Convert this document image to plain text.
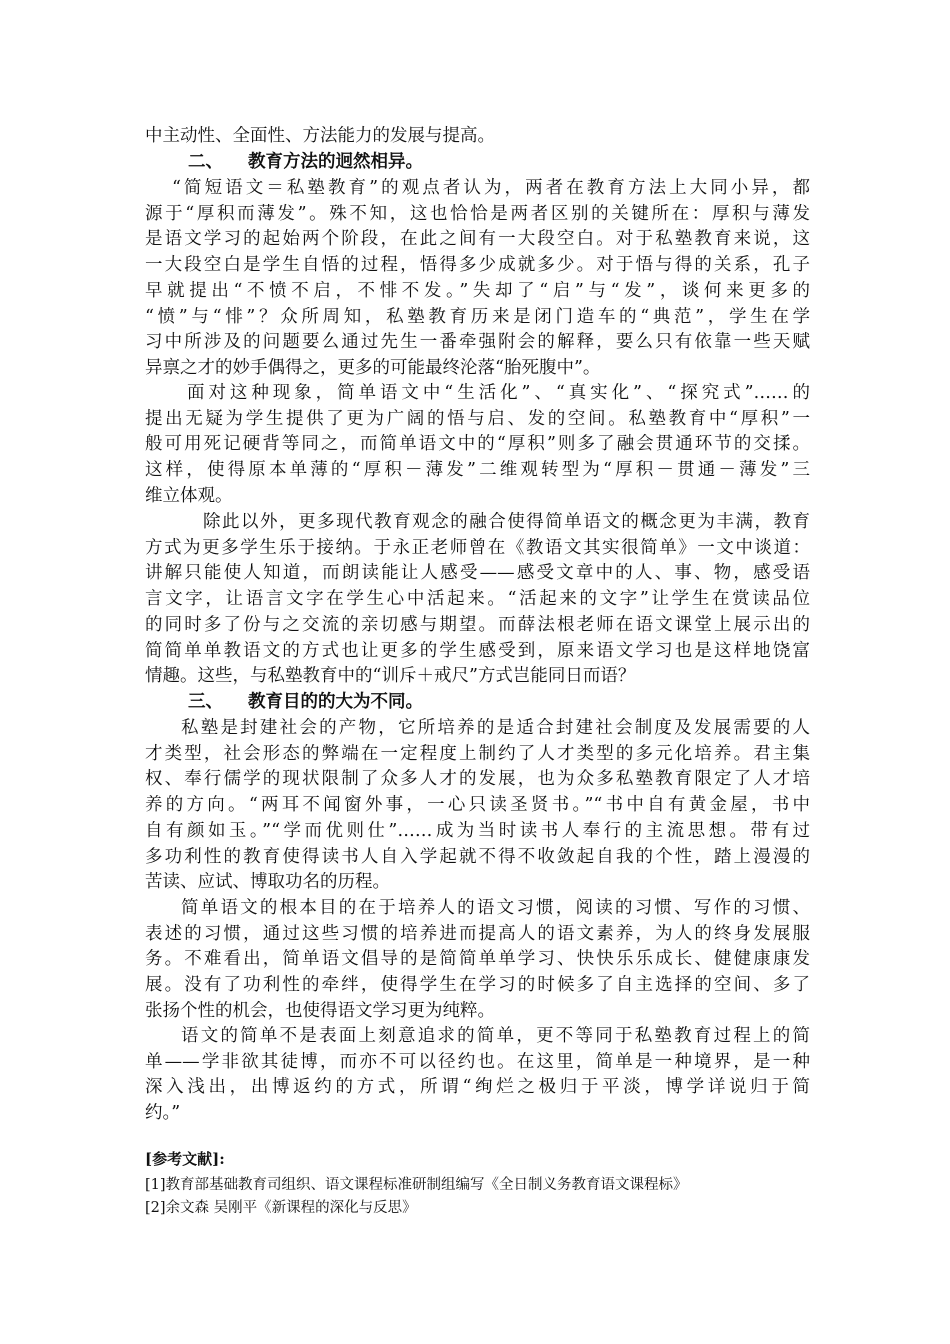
中主动性、全面性、方法能力的发展与提高。

二、 教育方法的迥然相异。

“简短语文＝私塾教育”的观点者认为，两者在教育方法上大同小异，都
源于“厚积而薄发”。殊不知，这也恰恰是两者区别的关键所在：厚积与薄发
是语文学习的起始两个阶段，在此之间有一大段空白。对于私塾教育来说，这
一大段空白是学生自悟的过程，悟得多少成就多少。对于悟与得的关系，孔子
早就提出“不愤不启，不悱不发。”失却了“启”与“发”，谈何来更多的
“愤”与“悱”？众所周知，私塾教育历来是闭门造车的“典范”，学生在学
习中所涉及的问题要么通过先生一番牵强附会的解释，要么只有依靠一些天赋
异禀之才的妙手偶得之，更多的可能最终沦落“胎死腹中”。

面对这种现象，简单语文中“生活化”、“真实化”、“探究式”……的
提出无疑为学生提供了更为广阔的悟与启、发的空间。私塾教育中“厚积”一
般可用死记硬背等同之，而简单语文中的“厚积”则多了融会贯通环节的交揉。
这样，使得原本单薄的“厚积－薄发”二维观转型为“厚积－贯通－薄发”三
维立体观。

除此以外，更多现代教育观念的融合使得简单语文的概念更为丰满，教育
方式为更多学生乐于接纳。于永正老师曾在《教语文其实很简单》一文中谈道：
讲解只能使人知道，而朗读能让人感受——感受文章中的人、事、物，感受语
言文字，让语言文字在学生心中活起来。“活起来的文字”让学生在赏读品位
的同时多了份与之交流的亲切感与期望。而薛法根老师在语文课堂上展示出的
简简单单教语文的方式也让更多的学生感受到，原来语文学习也是这样地饶富
情趣。这些，与私塾教育中的“训斥＋戒尺”方式岂能同日而语？

三、 教育目的的大为不同。

私塾是封建社会的产物，它所培养的是适合封建社会制度及发展需要的人
才类型，社会形态的弊端在一定程度上制约了人才类型的多元化培养。君主集
权、奉行儒学的现状限制了众多人才的发展，也为众多私塾教育限定了人才培
养的方向。“两耳不闻窗外事，一心只读圣贤书。”“书中自有黄金屋，书中
自有颜如玉。”“学而优则仕”……成为当时读书人奉行的主流思想。带有过
多功利性的教育使得读书人自入学起就不得不收敛起自我的个性，踏上漫漫的
苦读、应试、博取功名的历程。

简单语文的根本目的在于培养人的语文习惯，阅读的习惯、写作的习惯、
表述的习惯，通过这些习惯的培养进而提高人的语文素养，为人的终身发展服
务。不难看出，简单语文倡导的是简简单单学习、快快乐乐成长、健健康康发
展。没有了功利性的牵绊，使得学生在学习的时候多了自主选择的空间、多了
张扬个性的机会，也使得语文学习更为纯粹。

语文的简单不是表面上刻意追求的简单，更不等同于私塾教育过程上的简
单——学非欲其徒博，而亦不可以径约也。在这里，简单是一种境界，是一种
深入浅出，出博返约的方式，所谓“绚烂之极归于平淡，博学详说归于简
约。”

[参考文献]:

[1]教育部基础教育司组织、语文课程标准研制组编写《全日制义务教育语文课程标》

[2]余文森 吴刚平《新课程的深化与反思》
